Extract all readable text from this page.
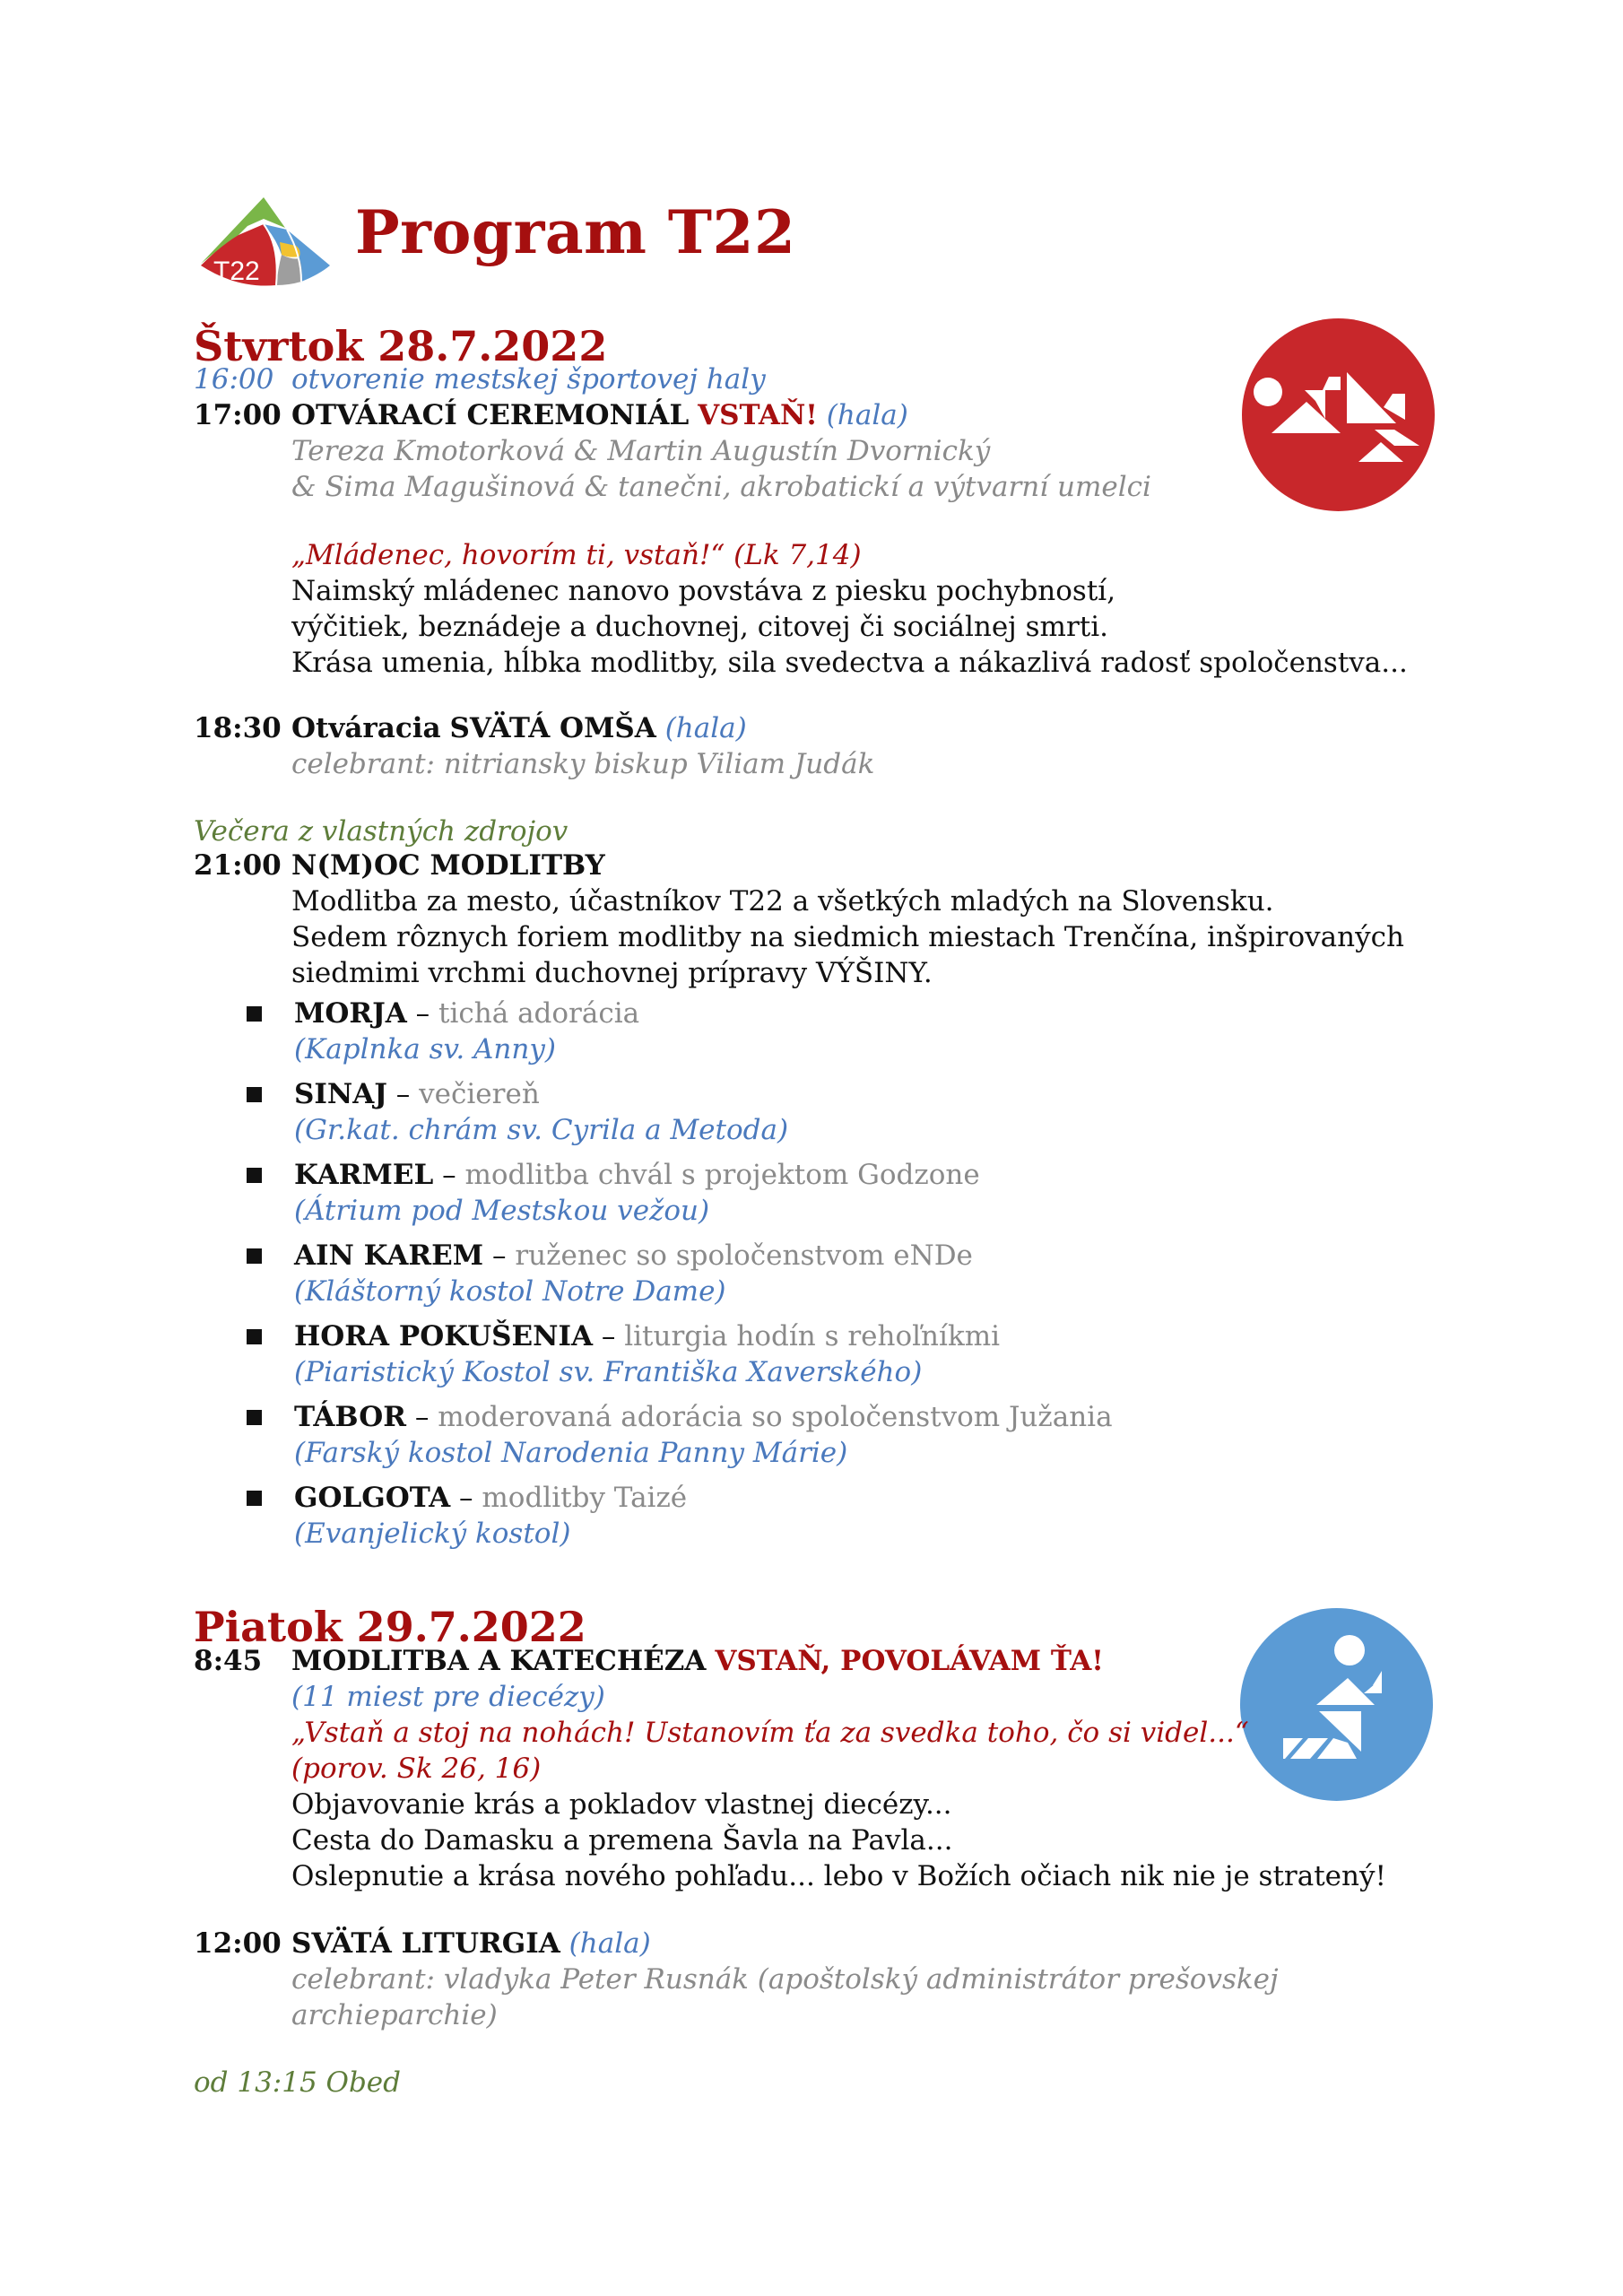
T22
Program T22
Štvrtok 28.7.2022
16:00 otvorenie mestskej športovej haly
17:00 OTVÁRACÍ CEREMONIÁL VSTAŇ! (hala)
Tereza Kmotorková & Martin Augustín Dvornický
& Sima Magušinová & tanečni, akrobatickí a výtvarní umelci
„Mládenec, hovorím ti, vstaň!“ (Lk 7,14)
Naimský mládenec nanovo povstáva z piesku pochybností,
výčitiek, beznádeje a duchovnej, citovej či sociálnej smrti.
Krása umenia, hĺbka modlitby, sila svedectva a nákazlivá radosť spoločenstva...
18:30 Otváracia SVÄTÁ OMŠA (hala)
celebrant: nitriansky biskup Viliam Judák
Večera z vlastných zdrojov
21:00 N(M)OC MODLITBY
Modlitba za mesto, účastníkov T22 a všetkých mladých na Slovensku.
Sedem rôznych foriem modlitby na siedmich miestach Trenčína, inšpirovaných
siedmimi vrchmi duchovnej prípravy VÝŠINY.
MORJA – tichá adorácia
(Kaplnka sv. Anny)
SINAJ – večiereň
(Gr.kat. chrám sv. Cyrila a Metoda)
KARMEL – modlitba chvál s projektom Godzone
(Átrium pod Mestskou vežou)
AIN KAREM – ruženec so spoločenstvom eNDe
(Kláštorný kostol Notre Dame)
HORA POKUŠENIA – liturgia hodín s rehoľníkmi
(Piaristický Kostol sv. Františka Xaverského)
TÁBOR – moderovaná adorácia so spoločenstvom Južania
(Farský kostol Narodenia Panny Márie)
GOLGOTA – modlitby Taizé
(Evanjelický kostol)
Piatok 29.7.2022
8:45 MODLITBA A KATECHÉZA VSTAŇ, POVOLÁVAM ŤA!
(11 miest pre diecézy)
„Vstaň a stoj na nohách! Ustanovím ťa za svedka toho, čo si videl...“
(porov. Sk 26, 16)
Objavovanie krás a pokladov vlastnej diecézy...
Cesta do Damasku a premena Šavla na Pavla...
Oslepnutie a krása nového pohľadu... lebo v Božích očiach nik nie je stratený!
12:00 SVÄTÁ LITURGIA (hala)
celebrant: vladyka Peter Rusnák (apoštolský administrátor prešovskej
archieparchie)
od 13:15 Obed
